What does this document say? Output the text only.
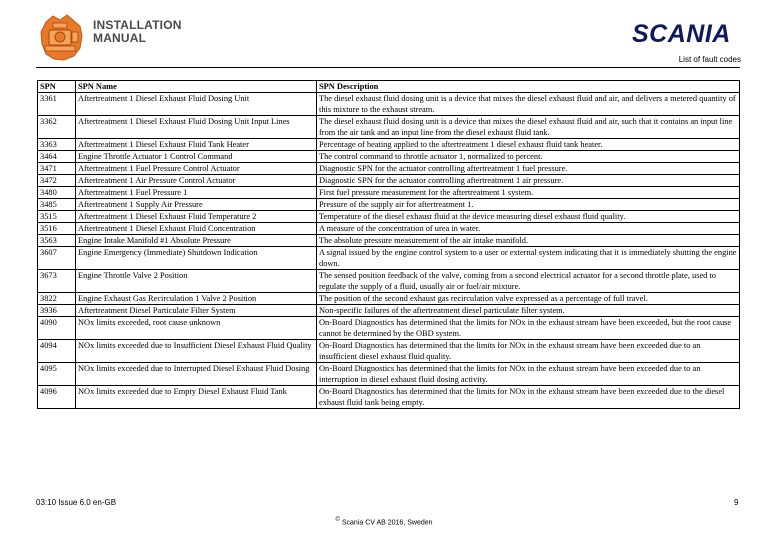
INSTALLATION
MANUAL	SCANIA
List of fault codes
SPN	SPN Name	SPN Description
3361	Aftertreatment 1 Diesel Exhaust Fluid Dosing Unit	The diesel exhaust fluid dosing unit is a device that mixes the diesel exhaust fluid and air, and delivers a metered quantity of this mixture to the exhaust stream.
3362	Aftertreatment 1 Diesel Exhaust Fluid Dosing Unit Input Lines	The diesel exhaust fluid dosing unit is a device that mixes the diesel exhaust fluid and air, such that it contains an input line from the air tank and an input line from the diesel exhaust fluid tank.
3363	Aftertreatment 1 Diesel Exhaust Fluid Tank Heater	Percentage of heating applied to the aftertreatment 1 diesel exhaust fluid tank heater.
3464	Engine Throttle Actuator 1 Control Command	The control command to throttle actuator 1, normalized to percent.
3471	Aftertreatment 1 Fuel Pressure Control Actuator	Diagnostic SPN for the actuator controlling aftertreatment 1 fuel pressure.
3472	Aftertreatment 1 Air Pressure Control Actuator	Diagnostic SPN for the actuator controlling aftertreatment 1 air pressure.
3480	Aftertreatment 1 Fuel Pressure 1	First fuel pressure measurement for the aftertreatment 1 system.
3485	Aftertreatment 1 Supply Air Pressure	Pressure of the supply air for aftertreatment 1.
3515	Aftertreatment 1 Diesel Exhaust Fluid Temperature 2	Temperature of the diesel exhaust fluid at the device measuring diesel exhaust fluid quality.
3516	Aftertreatment 1 Diesel Exhaust Fluid Concentration	A measure of the concentration of urea in water.
3563	Engine Intake Manifold #1 Absolute Pressure	The absolute pressure measurement of the air intake manifold.
3607	Engine Emergency (Immediate) Shutdown Indication	A signal issued by the engine control system to a user or external system indicating that it is immediately shutting the engine down.
3673	Engine Throttle Valve 2 Position	The sensed position feedback of the valve, coming from a second electrical actuator for a second throttle plate, used to regulate the supply of a fluid, usually air or fuel/air mixture.
3822	Engine Exhaust Gas Recirculation 1 Valve 2 Position	The position of the second exhaust gas recirculation valve expressed as a percentage of full travel.
3936	Aftertreatment Diesel Particulate Filter System	Non-specific failures of the aftertreatment diesel particulate filter system.
4090	NOx limits exceeded, root cause unknown	On-Board Diagnostics has determined that the limits for NOx in the exhaust stream have been exceeded, but the root cause cannot be determined by the OBD system.
4094	NOx limits exceeded due to Insufficient Diesel Exhaust Fluid Quality	On-Board Diagnostics has determined that the limits for NOx in the exhaust stream have been exceeded due to an insufficient diesel exhaust fluid quality.
4095	NOx limits exceeded due to Interrupted Diesel Exhaust Fluid Dosing	On-Board Diagnostics has determined that the limits for NOx in the exhaust stream have been exceeded due to an interruption in diesel exhaust fluid dosing activity.
4096	NOx limits exceeded due to Empty Diesel Exhaust Fluid Tank	On-Board Diagnostics has determined that the limits for NOx in the exhaust stream have been exceeded due to the diesel exhaust fluid tank being empty.
03:10 Issue 6.0 en-GB	9
© Scania CV AB 2016, Sweden
